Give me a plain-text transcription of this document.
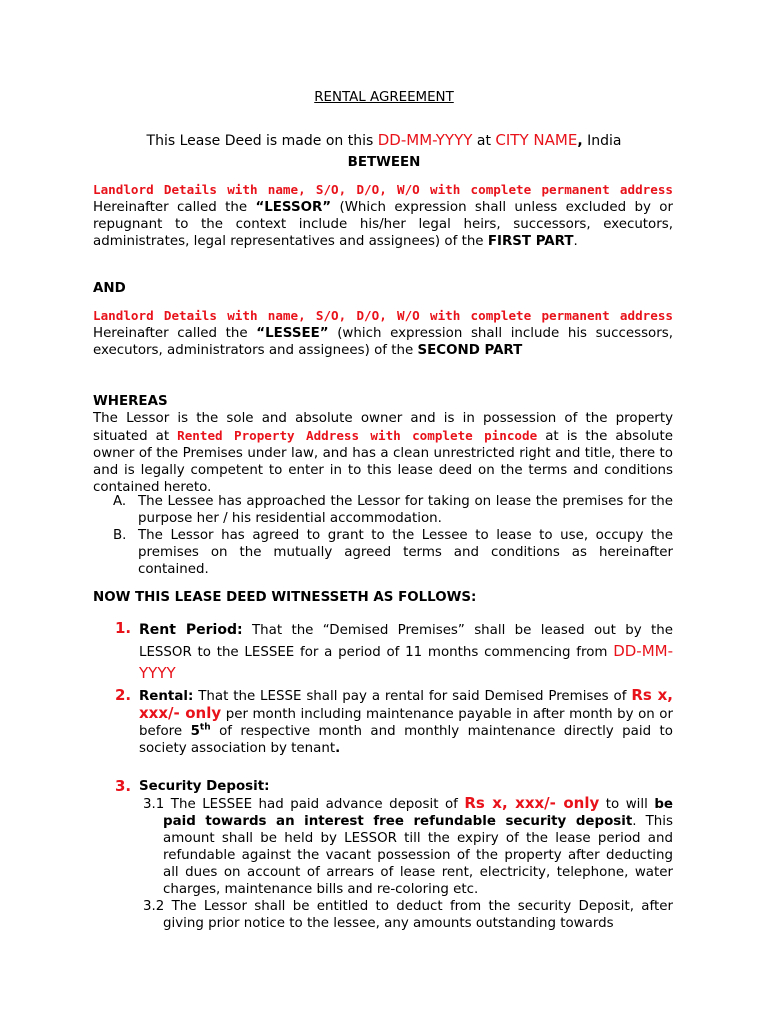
RENTAL AGREEMENT
This Lease Deed is made on this DD-MM-YYYY at CITY NAME, India
BETWEEN

Landlord Details with name, S/O, D/O, W/O with complete permanent address Hereinafter called the “LESSOR” (Which expression shall unless excluded by or repugnant to the context include his/her legal heirs, successors, executors, administrates, legal representatives and assignees) of the FIRST PART.

AND

Landlord Details with name, S/O, D/O, W/O with complete permanent address Hereinafter called the “LESSEE” (which expression shall include his successors, executors, administrators and assignees) of the SECOND PART

WHEREAS

The Lessor is the sole and absolute owner and is in possession of the property situated at Rented Property Address with complete pincode at is the absolute owner of the Premises under law, and has a clean unrestricted right and title, there to and is legally competent to enter in to this lease deed on the terms and conditions contained hereto.

A. The Lessee has approached the Lessor for taking on lease the premises for the purpose her / his residential accommodation.
B. The Lessor has agreed to grant to the Lessee to lease to use, occupy the premises on the mutually agreed terms and conditions as hereinafter contained.
NOW THIS LEASE DEED WITNESSETH AS FOLLOWS:
1. Rent Period: That the “Demised Premises” shall be leased out by the LESSOR to the LESSEE for a period of 11 months commencing from DD-MM-YYYY

2. Rental: That the LESSE shall pay a rental for said Demised Premises of Rs x, xxx/- only per month including maintenance payable in after month by on or before 5th of respective month and monthly maintenance directly paid to society association by tenant.

3. Security Deposit:

3.1 The LESSEE had paid advance deposit of Rs x, xxx/- only to will be paid towards an interest free refundable security deposit. This amount shall be held by LESSOR till the expiry of the lease period and refundable against the vacant possession of the property after deducting all dues on account of arrears of lease rent, electricity, telephone, water charges, maintenance bills and re-coloring etc.

3.2 The Lessor shall be entitled to deduct from the security Deposit, after giving prior notice to the lessee, any amounts outstanding towards
